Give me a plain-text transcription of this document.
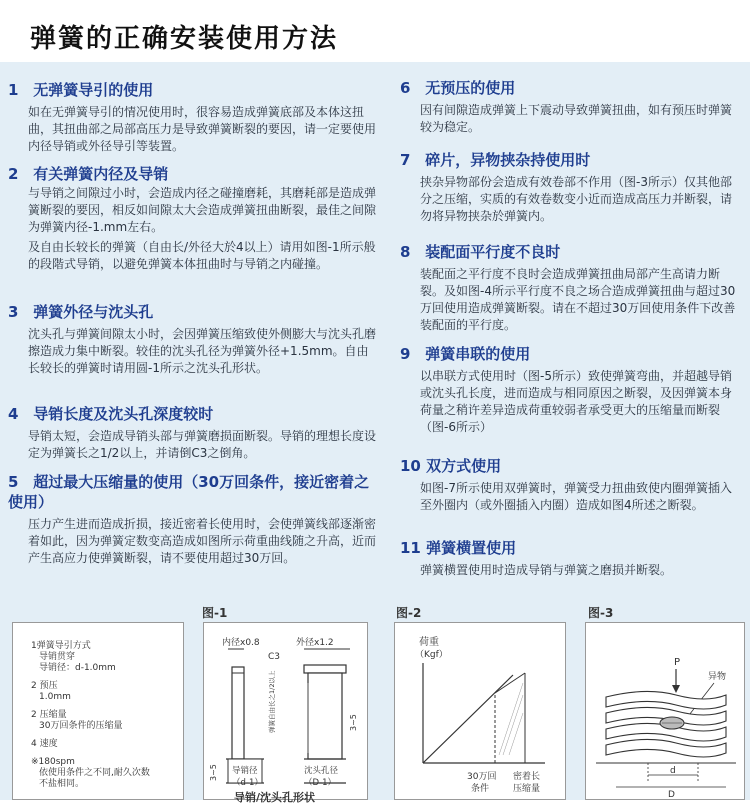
弹簧的正确安装使用方法
1 无弹簧导引的使用

如在无弹簧导引的情况使用时，很容易造成弹簧底部及本体这扭曲，其扭曲部之局部高压力是导致弹簧断裂的要因，请一定要使用内径导销或外径导引等装置。

2 有关弹簧内径及导销

与导销之间隙过小时，会造成内径之碰撞磨耗，其磨耗部是造成弹簧断裂的要因，相反如间隙太大会造成弹簧扭曲断裂，最佳之间隙为弹簧内径-1.mm左右。

及自由长较长的弹簧（自由长/外径大於4以上）请用如图-1所示般的段階式导销，以避免弹簧本体扭曲时与导销之内碰撞。

3 弹簧外径与沈头孔

沈头孔与弹簧间隙太小时，会因弹簧压缩致使外侧膨大与沈头孔磨擦造成力集中断裂。较佳的沈头孔径为弹簧外径+1.5mm。自由长较长的弹簧时请用圆-1所示之沈头孔形状。

4 导销长度及沈头孔深度较时

导销太短，会造成导销头部与弹簧磨损面断裂。导销的理想长度设定为弹簧长之1/2以上，并请倒C3之倒角。

5 超过最大压缩量的使用（30万回条件，接近密着之使用）

压力产生进而造成折损，接近密着长使用时，会使弹簧线部逐渐密着如此，因为弹簧定数变高造成如图所示荷重曲线随之升高，近而产生高应力使弹簧断裂，请不要使用超过30万回。

6 无预压的使用

因有间隙造成弹簧上下震动导致弹簧扭曲，如有预压时弹簧较为稳定。

7 碎片，异物挟杂持使用时

挟杂异物部份会造成有效卷部不作用（图-3所示）仅其他部分之压缩，实质的有效卷数变小近而造成高压力并断裂，请勿将异物挟杂於弹簧内。

8 装配面平行度不良时

装配面之平行度不良时会造成弹簧扭曲局部产生高请力断裂。及如图-4所示平行度不良之场合造成弹簧扭曲与超过30万回使用造成弹簧断裂。请在不超过30万回使用条件下改善装配面的平行度。

9 弹簧串联的使用

以串联方式使用时（图-5所示）致使弹簧弯曲，并超越导销或沈头孔长度，进而造成与相同原因之断裂，及因弹簧本身荷量之稍许差异造成荷重较弱者承受更大的压缩量而断裂（图-6所示）

10 双方式使用

如图-7所示使用双弹簧时，弹簧受力扭曲致使内圈弹簧插入至外圈内（或外圈插入内圈）造成如图4所述之断裂。

11 弹簧横置使用

弹簧横置使用时造成导销与弹簧之磨损并断裂。

1弹簧导引方式
导销贯穿
导销径：d-1.0mm
2 预压
1.0mm
2 压缩量
30万回条件的压缩量
4 速度
※180spm
依使用条件之不同,耐久次数
不盐相同。
图-1
内径x0.8
C3
外径x1.2
3~5
弹簧自由长之1/2以上	3~5
导销径
（d-1）
沈头孔径
（D-1）
导销/沈头孔形状
图-2
荷重
（Kgf）
30万回
条件
密着长
压缩量
图-3
P
异物
d
D
